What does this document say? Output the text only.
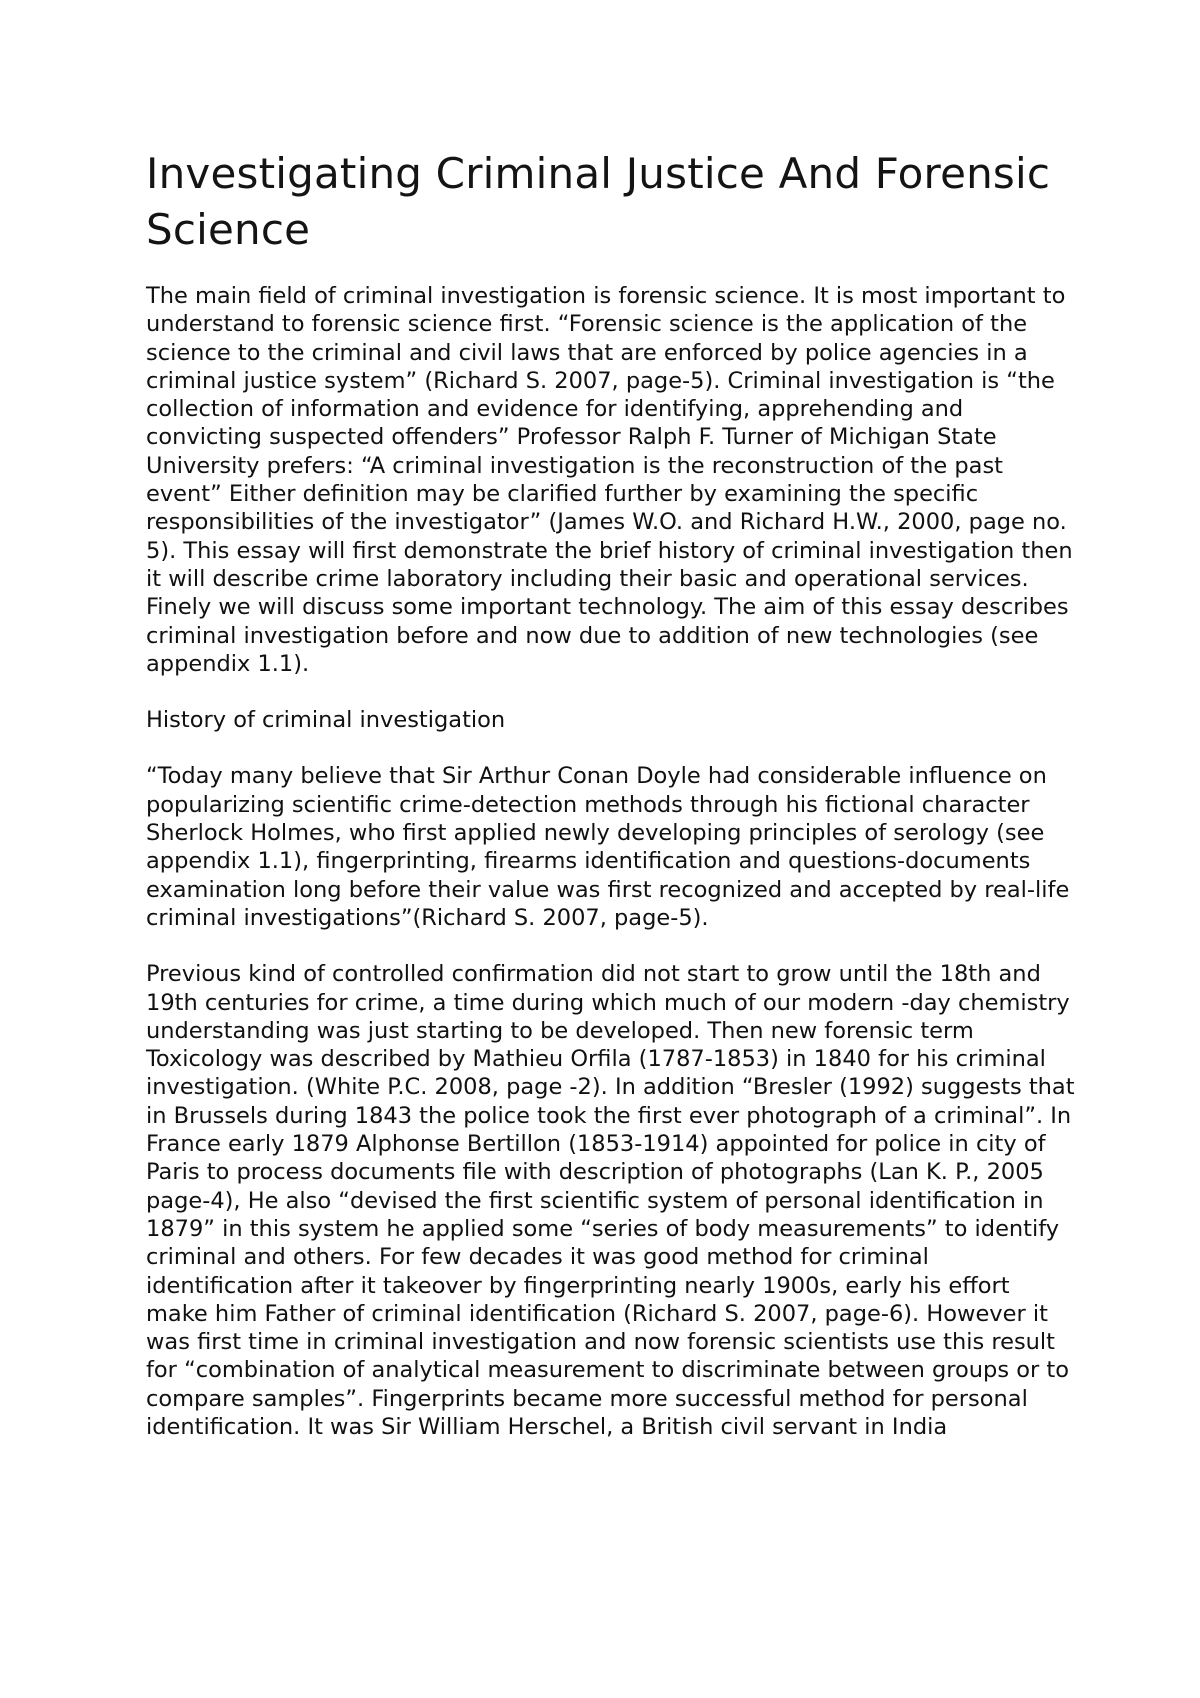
Investigating Criminal Justice And Forensic Science

The main field of criminal investigation is forensic science. It is most important to understand to forensic science first. “Forensic science is the application of the science to the criminal and civil laws that are enforced by police agencies in a criminal justice system” (Richard S. 2007, page-5). Criminal investigation is “the collection of information and evidence for identifying, apprehending and convicting suspected offenders” Professor Ralph F. Turner of Michigan State University prefers: “A criminal investigation is the reconstruction of the past event” Either definition may be clarified further by examining the specific responsibilities of the investigator” (James W.O. and Richard H.W., 2000, page no. 5). This essay will first demonstrate the brief history of criminal investigation then it will describe crime laboratory including their basic and operational services. Finely we will discuss some important technology. The aim of this essay describes criminal investigation before and now due to addition of new technologies (see appendix 1.1).

History of criminal investigation

“Today many believe that Sir Arthur Conan Doyle had considerable influence on popularizing scientific crime-detection methods through his fictional character Sherlock Holmes, who first applied newly developing principles of serology (see appendix 1.1), fingerprinting, firearms identification and questions-documents examination long before their value was first recognized and accepted by real-life criminal investigations”(Richard S. 2007, page-5).

Previous kind of controlled confirmation did not start to grow until the 18th and 19th centuries for crime, a time during which much of our modern -day chemistry understanding was just starting to be developed. Then new forensic term Toxicology was described by Mathieu Orfila (1787-1853) in 1840 for his criminal investigation. (White P.C. 2008, page -2). In addition “Bresler (1992) suggests that in Brussels during 1843 the police took the first ever photograph of a criminal”. In France early 1879 Alphonse Bertillon (1853-1914) appointed for police in city of Paris to process documents file with description of photographs (Lan K. P., 2005 page-4), He also “devised the first scientific system of personal identification in 1879” in this system he applied some “series of body measurements” to identify criminal and others. For few decades it was good method for criminal identification after it takeover by fingerprinting nearly 1900s, early his effort make him Father of criminal identification (Richard S. 2007, page-6). However it was first time in criminal investigation and now forensic scientists use this result for “combination of analytical measurement to discriminate between groups or to compare samples”. Fingerprints became more successful method for personal identification. It was Sir William Herschel, a British civil servant in India
